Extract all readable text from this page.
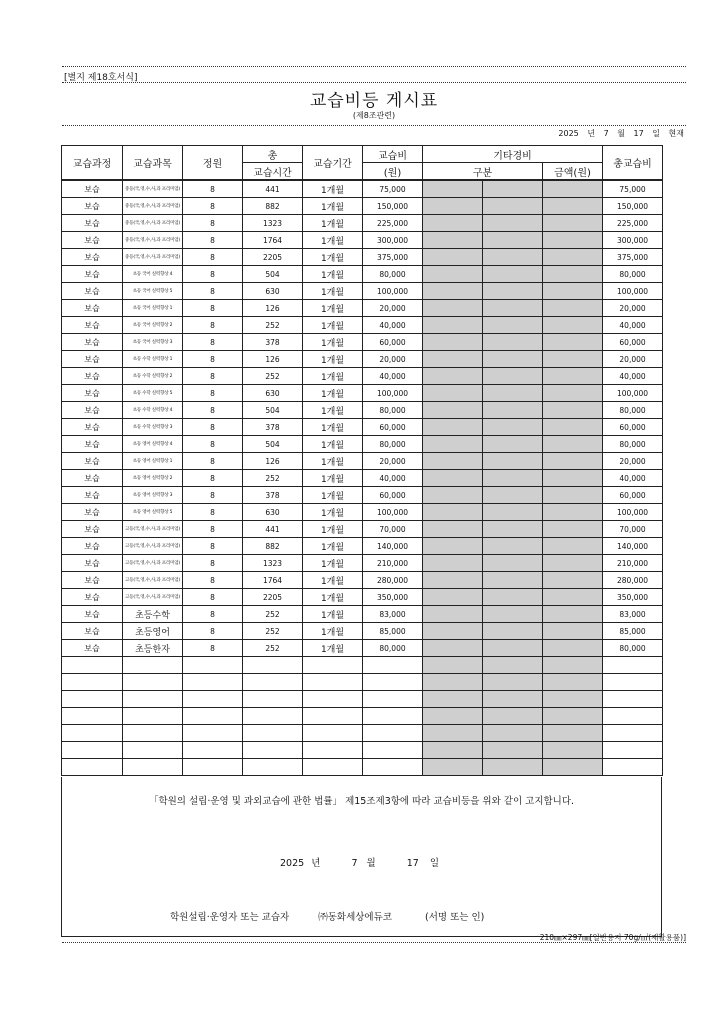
[별지 제18호서식]
교습비등 게시표
(제8조관련)
2025 년 7 월 17 일 현재
교습과정	교습과목	정원	총	교습기간	교습비	기타경비			총교습비
			교습시간		(원)	구분		금액(원)	
보습	중등(국,영,수,사,과 프리미엄)	8	441	1개월	75,000				75,000
보습	중등(국,영,수,사,과 프리미엄)	8	882	1개월	150,000				150,000
보습	중등(국,영,수,사,과 프리미엄)	8	1323	1개월	225,000				225,000
보습	중등(국,영,수,사,과 프리미엄)	8	1764	1개월	300,000				300,000
보습	중등(국,영,수,사,과 프리미엄)	8	2205	1개월	375,000				375,000
보습	초등 국어 실력향상 4	8	504	1개월	80,000				80,000
보습	초등 국어 실력향상 5	8	630	1개월	100,000				100,000
보습	초등 국어 실력향상 1	8	126	1개월	20,000				20,000
보습	초등 국어 실력향상 2	8	252	1개월	40,000				40,000
보습	초등 국어 실력향상 3	8	378	1개월	60,000				60,000
보습	초등 수학 실력향상 1	8	126	1개월	20,000				20,000
보습	초등 수학 실력향상 2	8	252	1개월	40,000				40,000
보습	초등 수학 실력향상 5	8	630	1개월	100,000				100,000
보습	초등 수학 실력향상 4	8	504	1개월	80,000				80,000
보습	초등 수학 실력향상 3	8	378	1개월	60,000				60,000
보습	초등 영어 실력향상 4	8	504	1개월	80,000				80,000
보습	초등 영어 실력향상 1	8	126	1개월	20,000				20,000
보습	초등 영어 실력향상 2	8	252	1개월	40,000				40,000
보습	초등 영어 실력향상 3	8	378	1개월	60,000				60,000
보습	초등 영어 실력향상 5	8	630	1개월	100,000				100,000
보습	고등(국,영,수,사,과 프리미엄)	8	441	1개월	70,000				70,000
보습	고등(국,영,수,사,과 프리미엄)	8	882	1개월	140,000				140,000
보습	고등(국,영,수,사,과 프리미엄)	8	1323	1개월	210,000				210,000
보습	고등(국,영,수,사,과 프리미엄)	8	1764	1개월	280,000				280,000
보습	고등(국,영,수,사,과 프리미엄)	8	2205	1개월	350,000				350,000
보습	초등수학	8	252	1개월	83,000				83,000
보습	초등영어	8	252	1개월	85,000				85,000
보습	초등한자	8	252	1개월	80,000				80,000

「학원의 설립·운영 및 과외교습에 관한 법률」 제15조제3항에 따라 교습비등을 위와 같이 고지합니다.
2025 년	7 월	17 일
학원설립·운영자 또는 교습자	㈜동화세상에듀코	(서명 또는 인)
210㎜×297㎜[일반용지 70g/㎡(재활용품)]
